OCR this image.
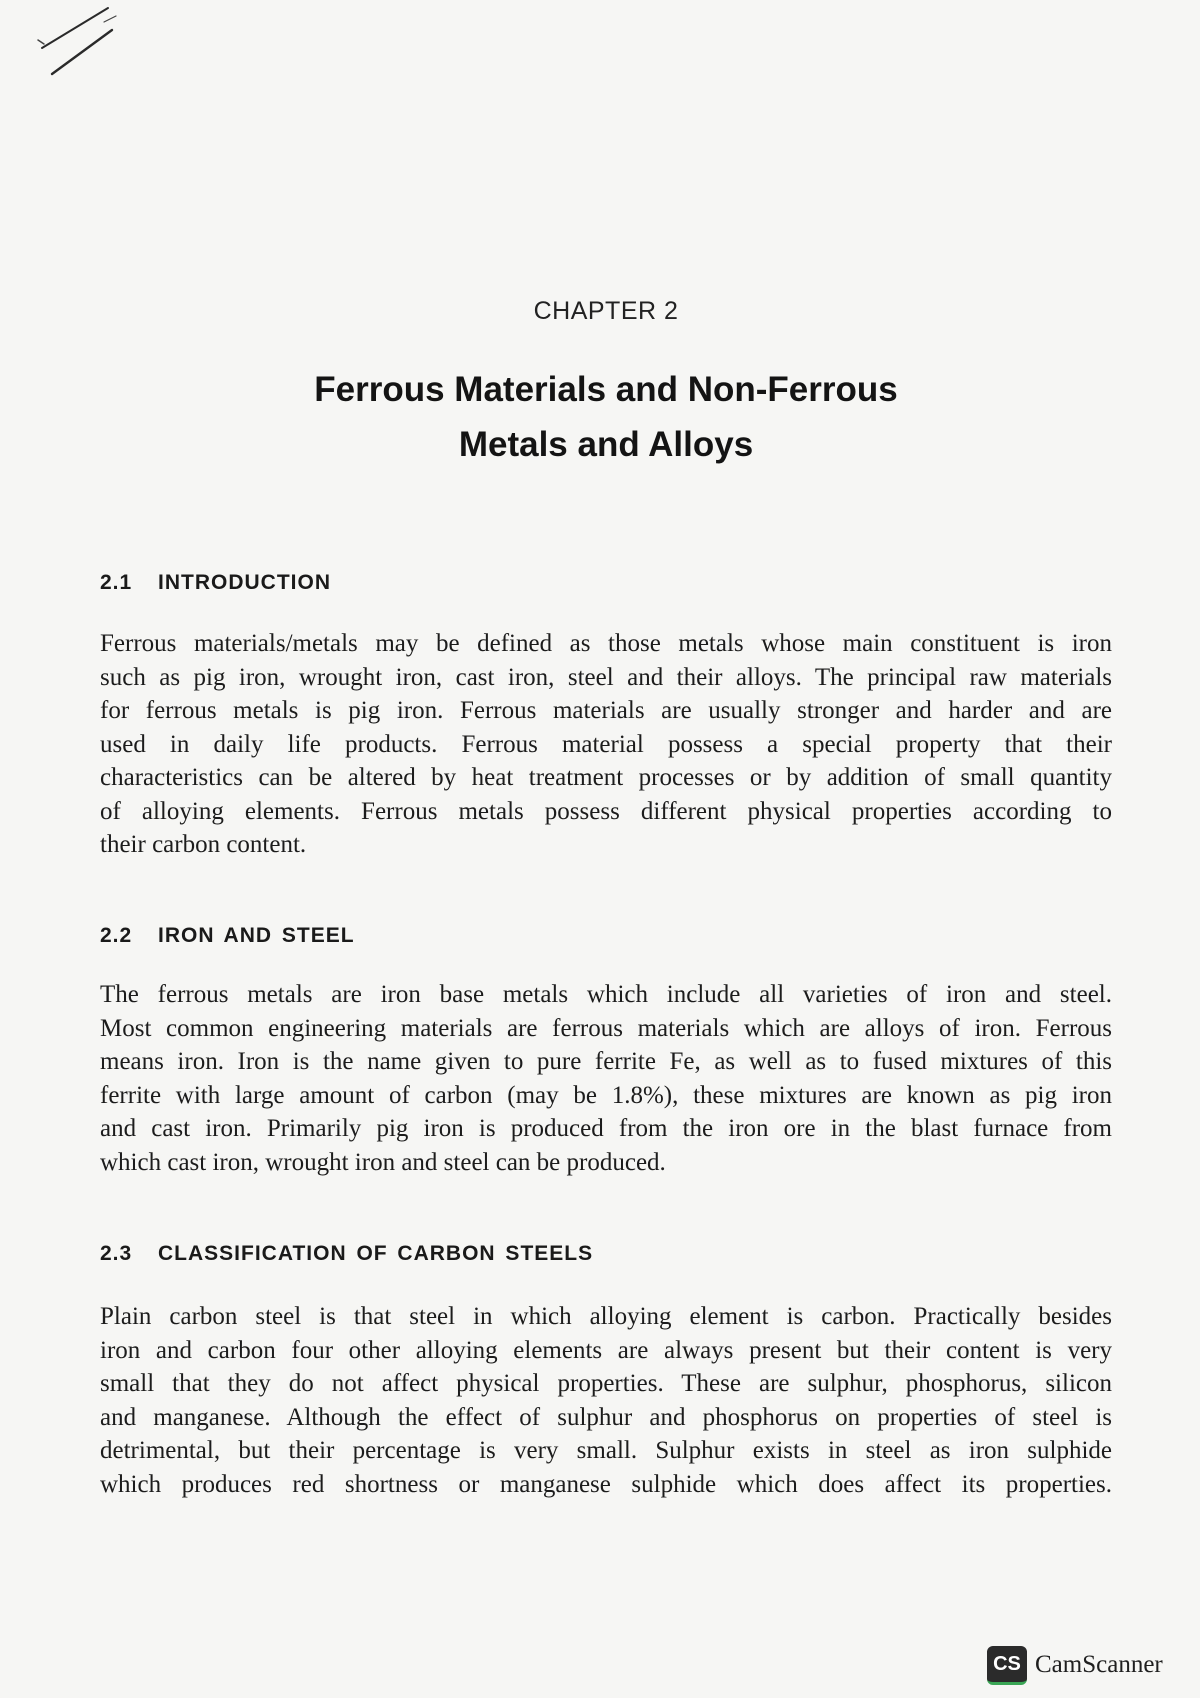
CHAPTER 2
Ferrous Materials and Non-Ferrous
Metals and Alloys
2.1 INTRODUCTION
Ferrous materials/metals may be defined as those metals whose main constituent is iron
such as pig iron, wrought iron, cast iron, steel and their alloys. The principal raw materials
for ferrous metals is pig iron. Ferrous materials are usually stronger and harder and are
used in daily life products. Ferrous material possess a special property that their
characteristics can be altered by heat treatment processes or by addition of small quantity
of alloying elements. Ferrous metals possess different physical properties according to
their carbon content.
2.2 IRON AND STEEL
The ferrous metals are iron base metals which include all varieties of iron and steel.
Most common engineering materials are ferrous materials which are alloys of iron. Ferrous
means iron. Iron is the name given to pure ferrite Fe, as well as to fused mixtures of this
ferrite with large amount of carbon (may be 1.8%), these mixtures are known as pig iron
and cast iron. Primarily pig iron is produced from the iron ore in the blast furnace from
which cast iron, wrought iron and steel can be produced.
2.3 CLASSIFICATION OF CARBON STEELS
Plain carbon steel is that steel in which alloying element is carbon. Practically besides
iron and carbon four other alloying elements are always present but their content is very
small that they do not affect physical properties. These are sulphur, phosphorus, silicon
and manganese. Although the effect of sulphur and phosphorus on properties of steel is
detrimental, but their percentage is very small. Sulphur exists in steel as iron sulphide
which produces red shortness or manganese sulphide which does affect its properties.
CS CamScanner
